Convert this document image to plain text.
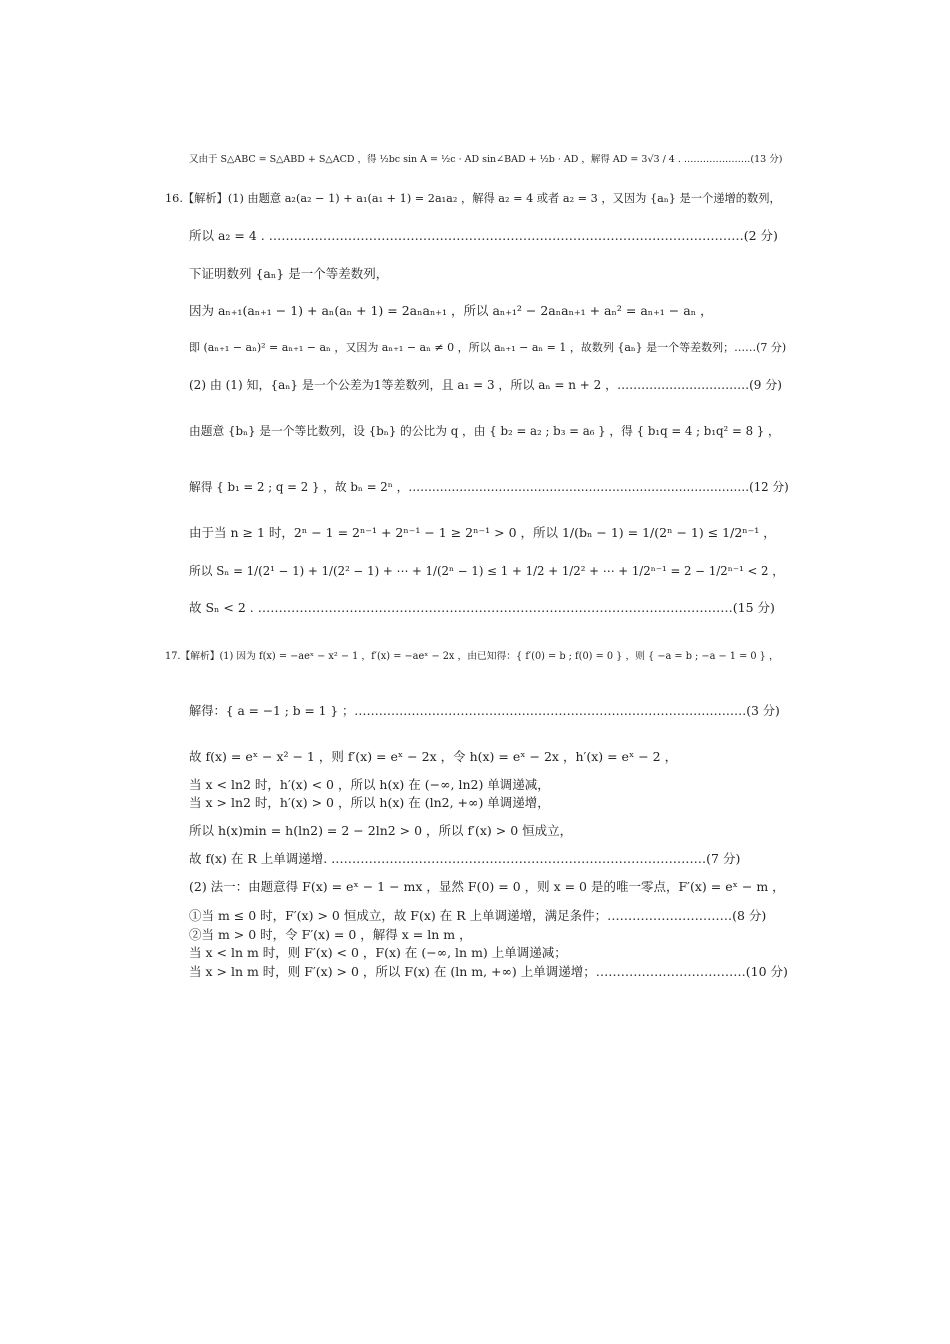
又由于 S△ABC = S△ABD + S△ACD ，得 ½bc sin A = ½c · AD sin∠BAD + ½b · AD ，解得 AD = 3√3 / 4 . …………………(13 分)
16.【解析】(1) 由题意 a₂(a₂ − 1) + a₁(a₁ + 1) = 2a₁a₂ ，解得 a₂ = 4 或者 a₂ = 3 ，又因为 {aₙ} 是一个递增的数列，
所以 a₂ = 4 . ……………………………………………………………………………………………………(2 分)
下证明数列 {aₙ} 是一个等差数列，
因为 aₙ₊₁(aₙ₊₁ − 1) + aₙ(aₙ + 1) = 2aₙaₙ₊₁ ，所以 aₙ₊₁² − 2aₙaₙ₊₁ + aₙ² = aₙ₊₁ − aₙ ，
即 (aₙ₊₁ − aₙ)² = aₙ₊₁ − aₙ ，又因为 aₙ₊₁ − aₙ ≠ 0 ，所以 aₙ₊₁ − aₙ = 1 ，故数列 {aₙ} 是一个等差数列；……(7 分)
(2) 由 (1) 知，{aₙ} 是一个公差为1等差数列，且 a₁ = 3 ，所以 aₙ = n + 2 ，……………………………(9 分)
由题意 {bₙ} 是一个等比数列，设 {bₙ} 的公比为 q ，由 { b₂ = a₂ ; b₃ = a₆ } ，得 { b₁q = 4 ; b₁q² = 8 } ，
解得 { b₁ = 2 ; q = 2 } ，故 bₙ = 2ⁿ ，……………………………………………………………………………(12 分)
由于当 n ≥ 1 时，2ⁿ − 1 = 2ⁿ⁻¹ + 2ⁿ⁻¹ − 1 ≥ 2ⁿ⁻¹ > 0 ，所以 1/(bₙ − 1) = 1/(2ⁿ − 1) ≤ 1/2ⁿ⁻¹ ，
所以 Sₙ = 1/(2¹ − 1) + 1/(2² − 1) + ⋯ + 1/(2ⁿ − 1) ≤ 1 + 1/2 + 1/2² + ⋯ + 1/2ⁿ⁻¹ = 2 − 1/2ⁿ⁻¹ < 2 ，
故 Sₙ < 2 . ……………………………………………………………………………………………………(15 分)
17.【解析】(1) 因为 f(x) = −aeˣ − x² − 1 ，f′(x) = −aeˣ − 2x ，由已知得：{ f′(0) = b ; f(0) = 0 } ，则 { −a = b ; −a − 1 = 0 } ，
解得：{ a = −1 ; b = 1 } ；……………………………………………………………………………………(3 分)
故 f(x) = eˣ − x² − 1 ，则 f′(x) = eˣ − 2x ，令 h(x) = eˣ − 2x ，h′(x) = eˣ − 2 ，
当 x < ln2 时，h′(x) < 0 ，所以 h(x) 在 (−∞, ln2) 单调递减，
当 x > ln2 时，h′(x) > 0 ，所以 h(x) 在 (ln2, +∞) 单调递增，
所以 h(x)min = h(ln2) = 2 − 2ln2 > 0 ，所以 f′(x) > 0 恒成立，
故 f(x) 在 R 上单调递增. ………………………………………………………………………………(7 分)
(2) 法一：由题意得 F(x) = eˣ − 1 − mx ，显然 F(0) = 0 ，则 x = 0 是的唯一零点，F′(x) = eˣ − m ，
①当 m ≤ 0 时，F′(x) > 0 恒成立，故 F(x) 在 R 上单调递增，满足条件；…………………………(8 分)
②当 m > 0 时，令 F′(x) = 0 ，解得 x = ln m ，
当 x < ln m 时，则 F′(x) < 0 ，F(x) 在 (−∞, ln m) 上单调递减；
当 x > ln m 时，则 F′(x) > 0 ，所以 F(x) 在 (ln m, +∞) 上单调递增；………………………………(10 分)
